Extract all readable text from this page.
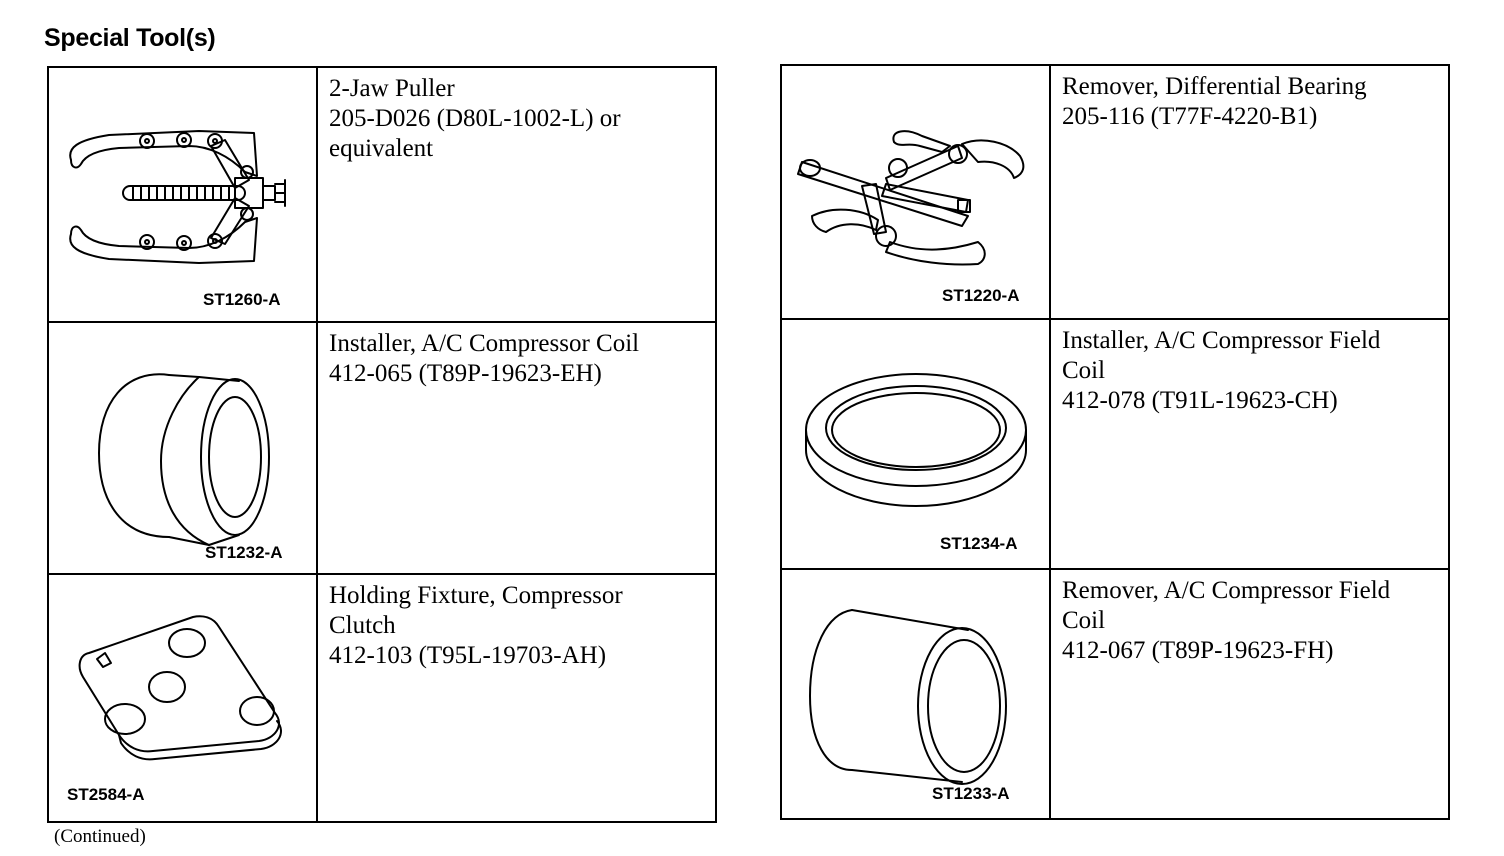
Special Tool(s)
ST1260-A
2-Jaw Puller
205-D026 (D80L-1002-L) or
equivalent
ST1232-A
Installer, A/C Compressor Coil
412-065 (T89P-19623-EH)
ST2584-A
Holding Fixture, Compressor
Clutch
412-103 (T95L-19703-AH)
ST1220-A
Remover, Differential Bearing
205-116 (T77F-4220-B1)
ST1234-A
Installer, A/C Compressor Field
Coil
412-078 (T91L-19623-CH)
ST1233-A
Remover, A/C Compressor Field
Coil
412-067 (T89P-19623-FH)
(Continued)
